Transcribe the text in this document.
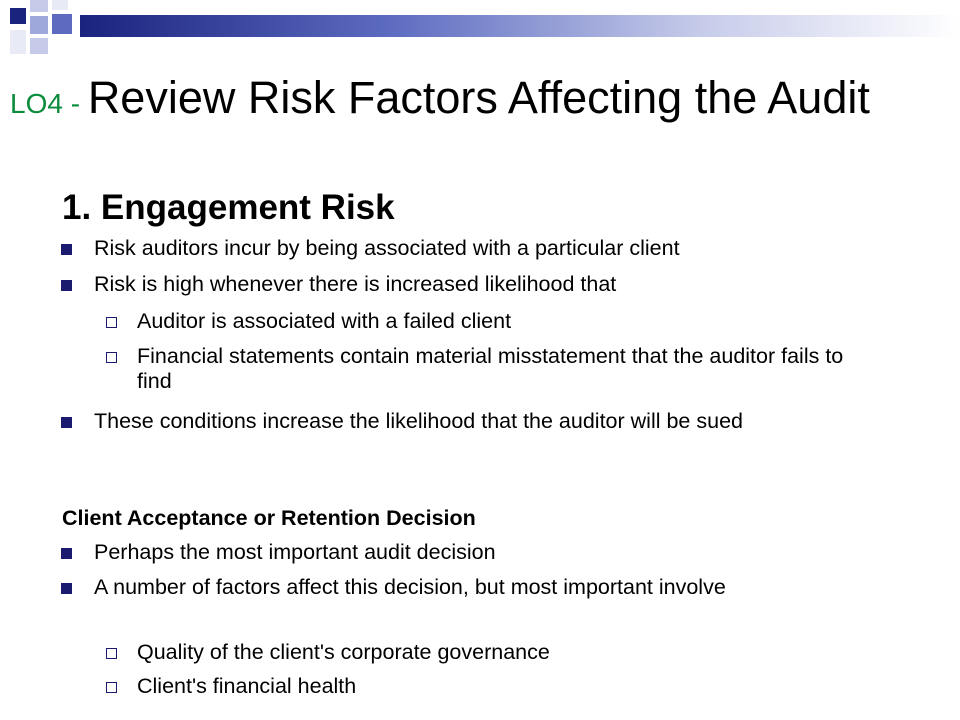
LO4 - Review Risk Factors Affecting the Audit
1. Engagement Risk
Risk auditors incur by being associated with a particular client
Risk is high whenever there is increased likelihood that
Auditor is associated with a failed client
Financial statements contain material misstatement that the auditor fails to find
These conditions increase the likelihood that the auditor will be sued
Client Acceptance or Retention Decision
Perhaps the most important audit decision
A number of factors affect this decision, but most important involve
Quality of the client's corporate governance
Client's financial health
